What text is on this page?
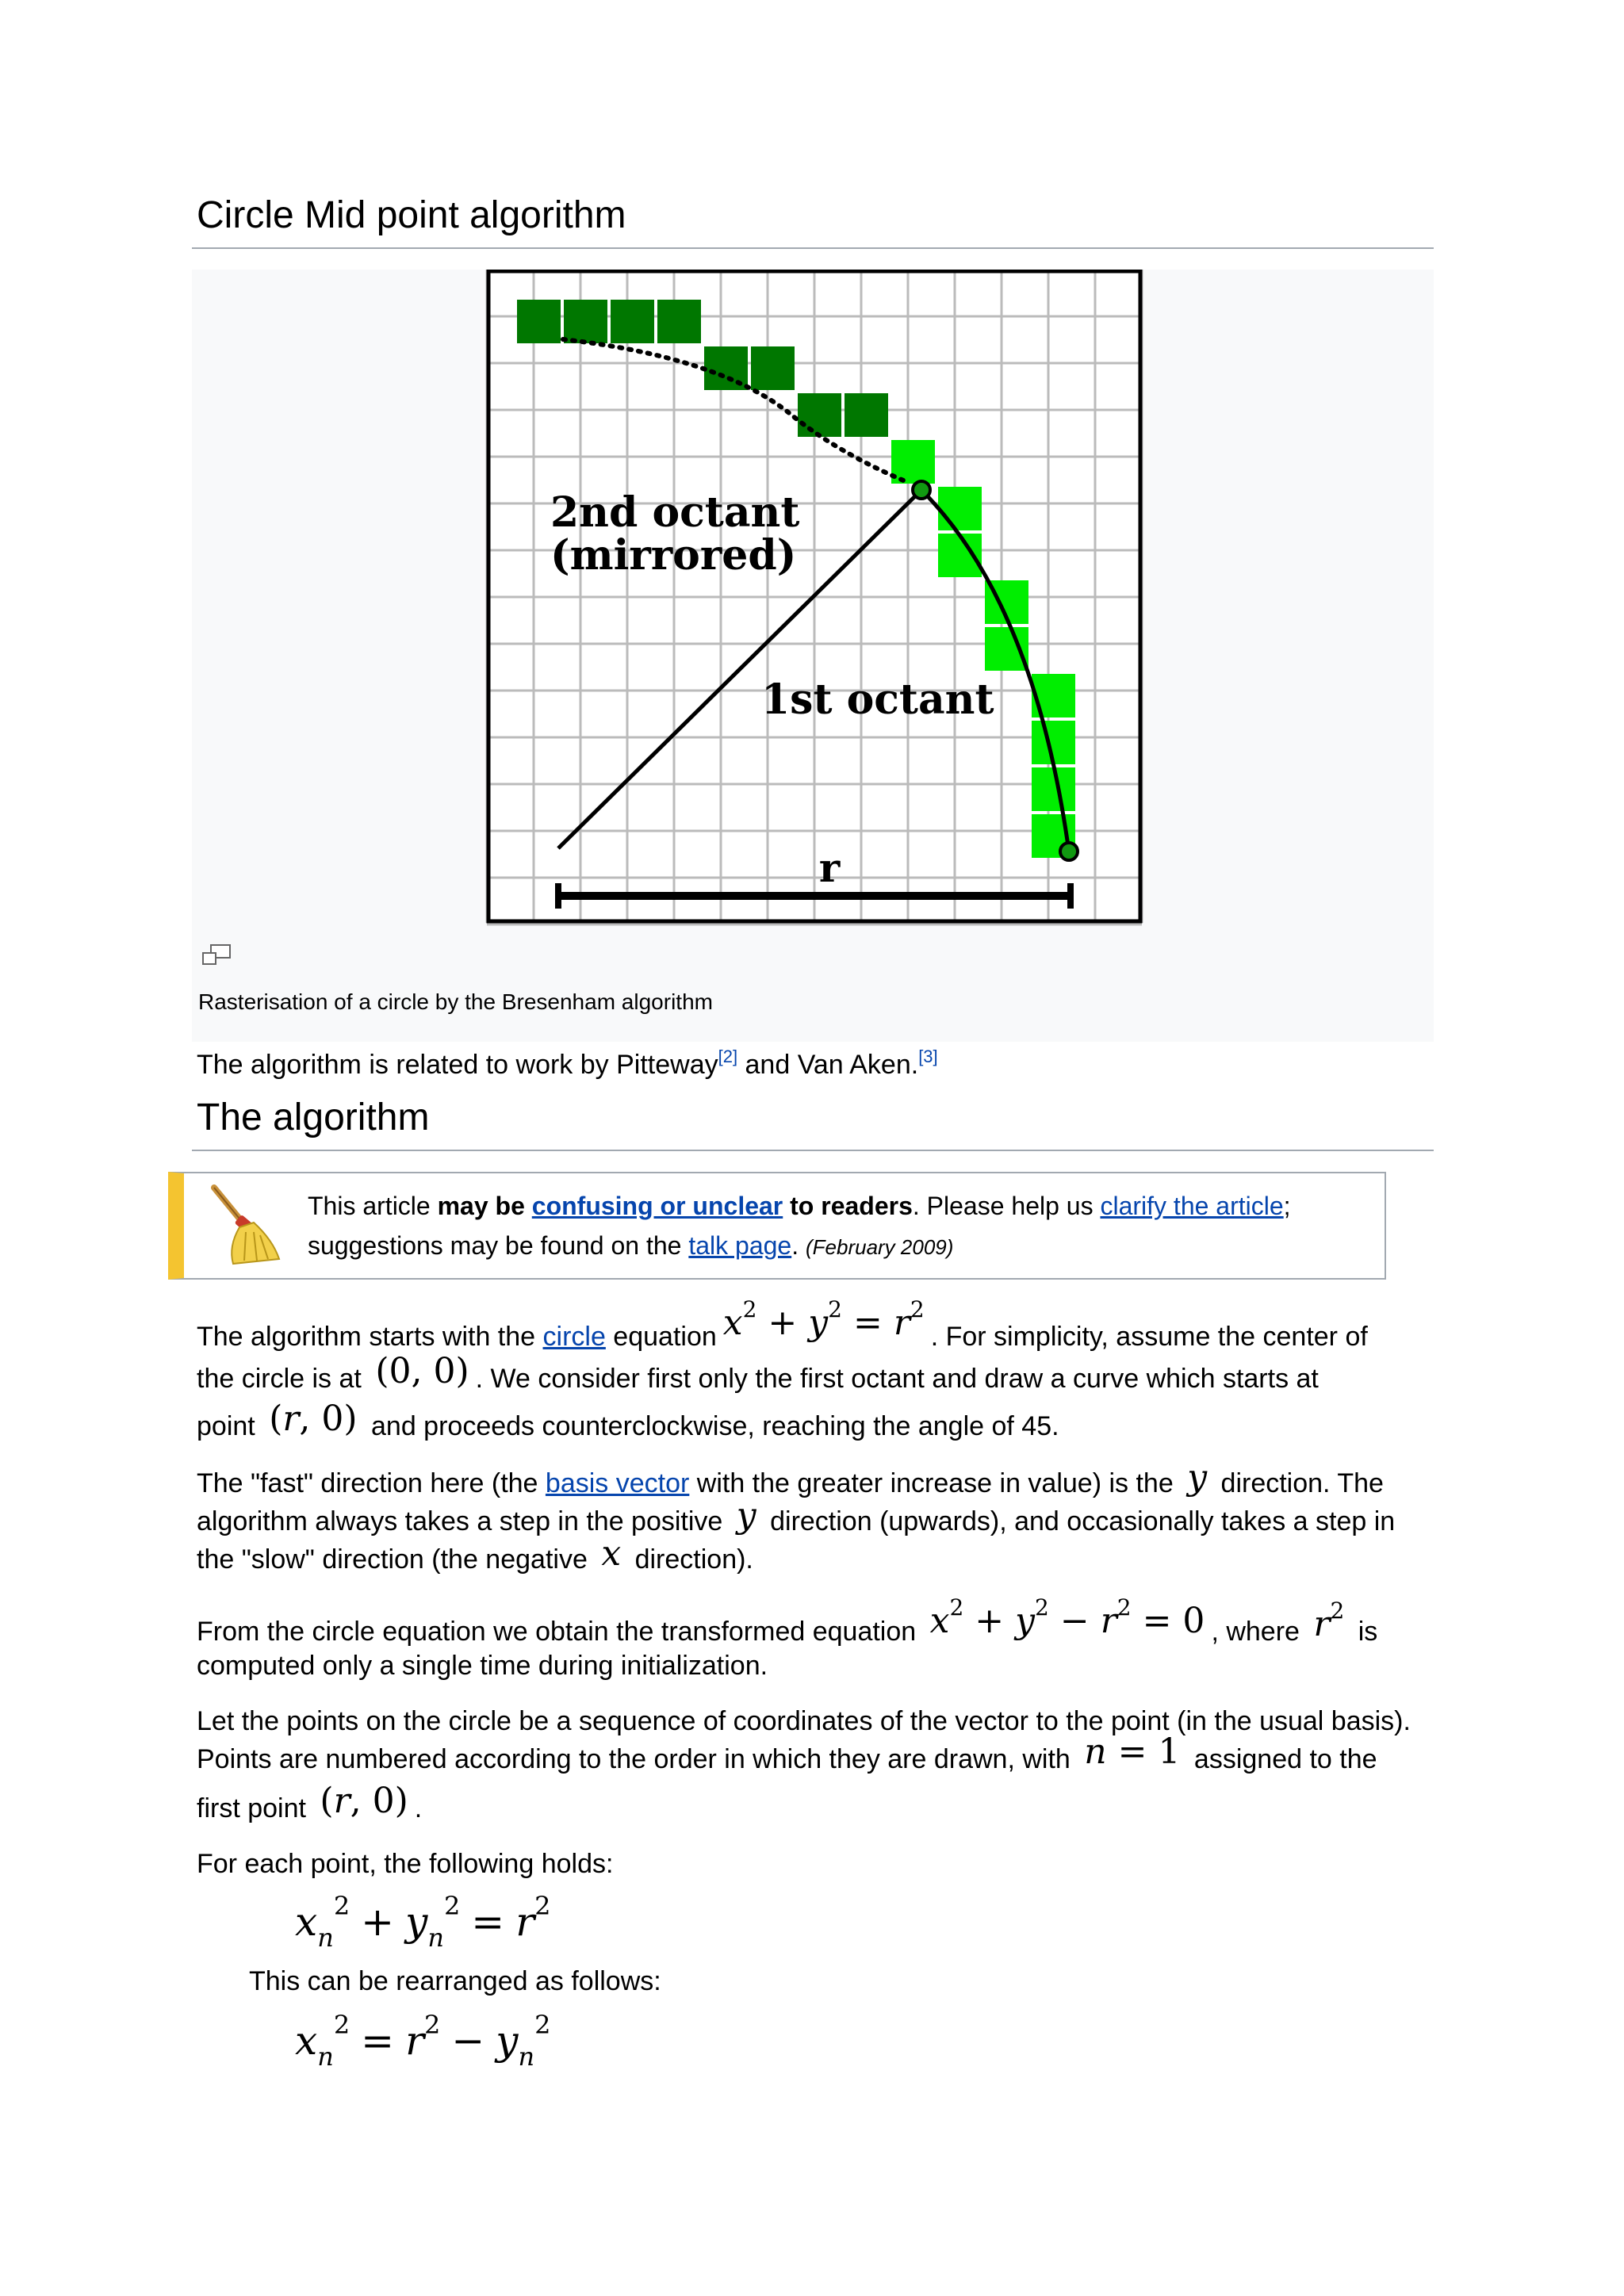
Circle Mid point algorithm
r
2nd octant
(mirrored)
1st octant
Rasterisation of a circle by the Bresenham algorithm

The algorithm is related to work by Pitteway[2] and Van Aken.[3]

The algorithm
This article may be confusing or unclear to readers. Please help us clarify the article;
suggestions may be found on the talk page. (February 2009)

The algorithm starts with the circle equation $x^2 + y^2 = r^2$. For simplicity, assume the center of

the circle is at (0, 0) . We consider first only the first octant and draw a curve which starts at

point (r, 0) and proceeds counterclockwise, reaching the angle of 45.

The "fast" direction here (the basis vector with the greater increase in value) is the y direction. The

algorithm always takes a step in the positive y direction (upwards), and occasionally takes a step in

the "slow" direction (the negative x direction).

From the circle equation we obtain the transformed equation $x^2 + y^2 - r^2 = 0$ , where $r^2$ is

computed only a single time during initialization.

Let the points on the circle be a sequence of coordinates of the vector to the point (in the usual basis).

Points are numbered according to the order in which they are drawn, with n = 1 assigned to the

first point (r, 0) .

For each point, the following holds:

$x_n^2 + y_n^2 = r^2$

This can be rearranged as follows:

$x_n^2 = r^2 - y_n^2$
